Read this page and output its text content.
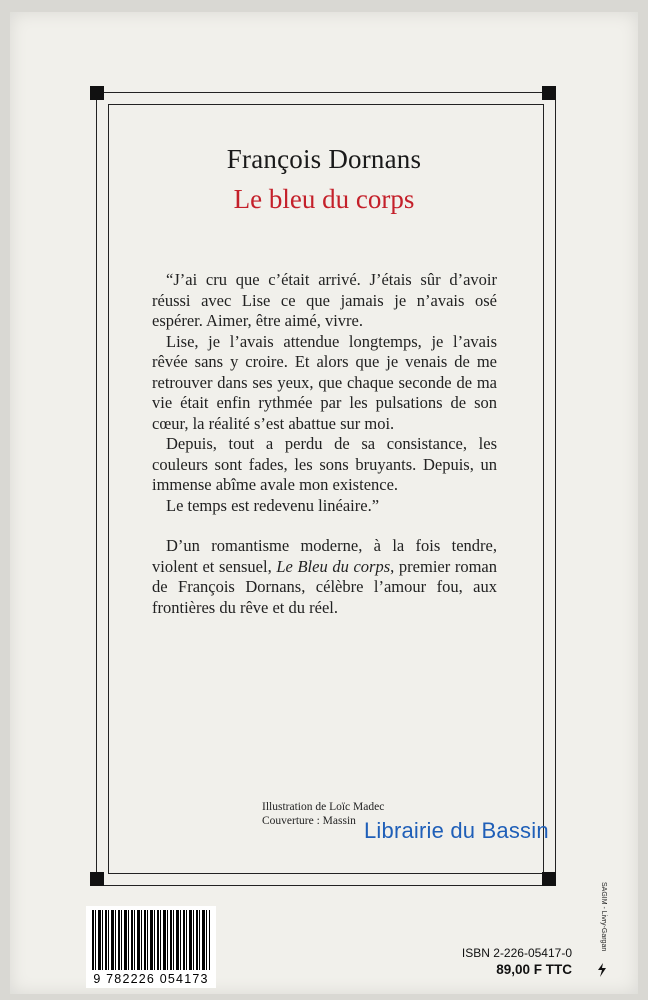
François Dornans
Le bleu du corps

“J’ai cru que c’était arrivé. J’étais sûr d’avoir réussi avec Lise ce que jamais je n’avais osé espérer. Aimer, être aimé, vivre.

Lise, je l’avais attendue longtemps, je l’avais rêvée sans y croire. Et alors que je venais de me retrouver dans ses yeux, que chaque seconde de ma vie était enfin rythmée par les pulsations de son cœur, la réalité s’est abattue sur moi.

Depuis, tout a perdu de sa consistance, les couleurs sont fades, les sons bruyants. Depuis, un immense abîme avale mon existence.

Le temps est redevenu linéaire.”

D’un romantisme moderne, à la fois tendre, violent et sensuel, Le Bleu du corps, premier roman de François Dornans, célèbre l’amour fou, aux frontières du rêve et du réel.

Illustration de Loïc Madec
Couverture : Massin Librairie du Bassin
9 782226 054173
ISBN 2-226-05417-0
89,00 F TTC
SAGIM - Livry-Gargan
